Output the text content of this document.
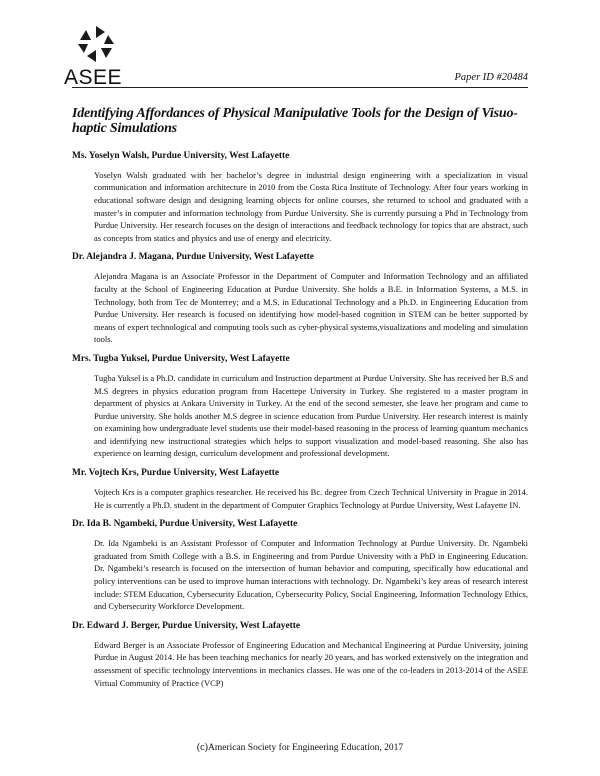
ASEE	Paper ID #20484
Identifying Affordances of Physical Manipulative Tools for the Design of Visuo-haptic Simulations
Ms. Yoselyn Walsh, Purdue University, West Lafayette

Yoselyn Walsh graduated with her bachelor’s degree in industrial design engineering with a specialization in visual communication and information architecture in 2010 from the Costa Rica Institute of Technology. After four years working in educational software design and designing learning objects for online courses, she returned to school and graduated with a master’s in computer and information technology from Purdue University. She is currently pursuing a Phd in Technology from Purdue University. Her research focuses on the design of interactions and feedback technology for topics that are abstract, such as concepts from statics and physics and use of energy and electricity.

Dr. Alejandra J. Magana, Purdue University, West Lafayette

Alejandra Magana is an Associate Professor in the Department of Computer and Information Technology and an affiliated faculty at the School of Engineering Education at Purdue University. She holds a B.E. in Information Systems, a M.S. in Technology, both from Tec de Monterrey; and a M.S. in Educational Technology and a Ph.D. in Engineering Education from Purdue University. Her research is focused on identifying how model-based cognition in STEM can be better supported by means of expert technological and computing tools such as cyber-physical systems,visualizations and modeling and simulation tools.

Mrs. Tugba Yuksel, Purdue University, West Lafayette

Tugba Yuksel is a Ph.D. candidate in curriculum and Instruction department at Purdue University. She has received her B.S and M.S degrees in physics education program from Hacettepe University in Turkey. She registered to a master program in department of physics at Ankara University in Turkey. At the end of the second semester, she leave her program and came to Purdue university. She holds another M.S degree in science education from Purdue University. Her research interest is mainly on examining how undergraduate level students use their model-based reasoning in the process of learning quantum mechanics and identifying new instructional strategies which helps to support visualization and model-based reasoning. She also has experience on learning design, curriculum development and professional development.

Mr. Vojtech Krs, Purdue University, West Lafayette

Vojtech Krs is a computer graphics researcher. He received his Bc. degree from Czech Technical University in Prague in 2014. He is currently a Ph.D. student in the department of Computer Graphics Technology at Purdue University, West Lafayette IN.

Dr. Ida B. Ngambeki, Purdue University, West Lafayette

Dr. Ida Ngambeki is an Assistant Professor of Computer and Information Technology at Purdue University. Dr. Ngambeki graduated from Smith College with a B.S. in Engineering and from Purdue University with a PhD in Engineering Education. Dr. Ngambeki’s research is focused on the intersection of human behavior and computing, specifically how educational and policy interventions can be used to improve human interactions with technology. Dr. Ngambeki’s key areas of research interest include: STEM Education, Cybersecurity Education, Cybersecurity Policy, Social Engineering, Information Technology Ethics, and Cybersecurity Workforce Development.

Dr. Edward J. Berger, Purdue University, West Lafayette

Edward Berger is an Associate Professor of Engineering Education and Mechanical Engineering at Purdue University, joining Purdue in August 2014. He has been teaching mechanics for nearly 20 years, and has worked extensively on the integration and assessment of specific technology interventions in mechanics classes. He was one of the co-leaders in 2013-2014 of the ASEE Virtual Community of Practice (VCP)

(c)American Society for Engineering Education, 2017
